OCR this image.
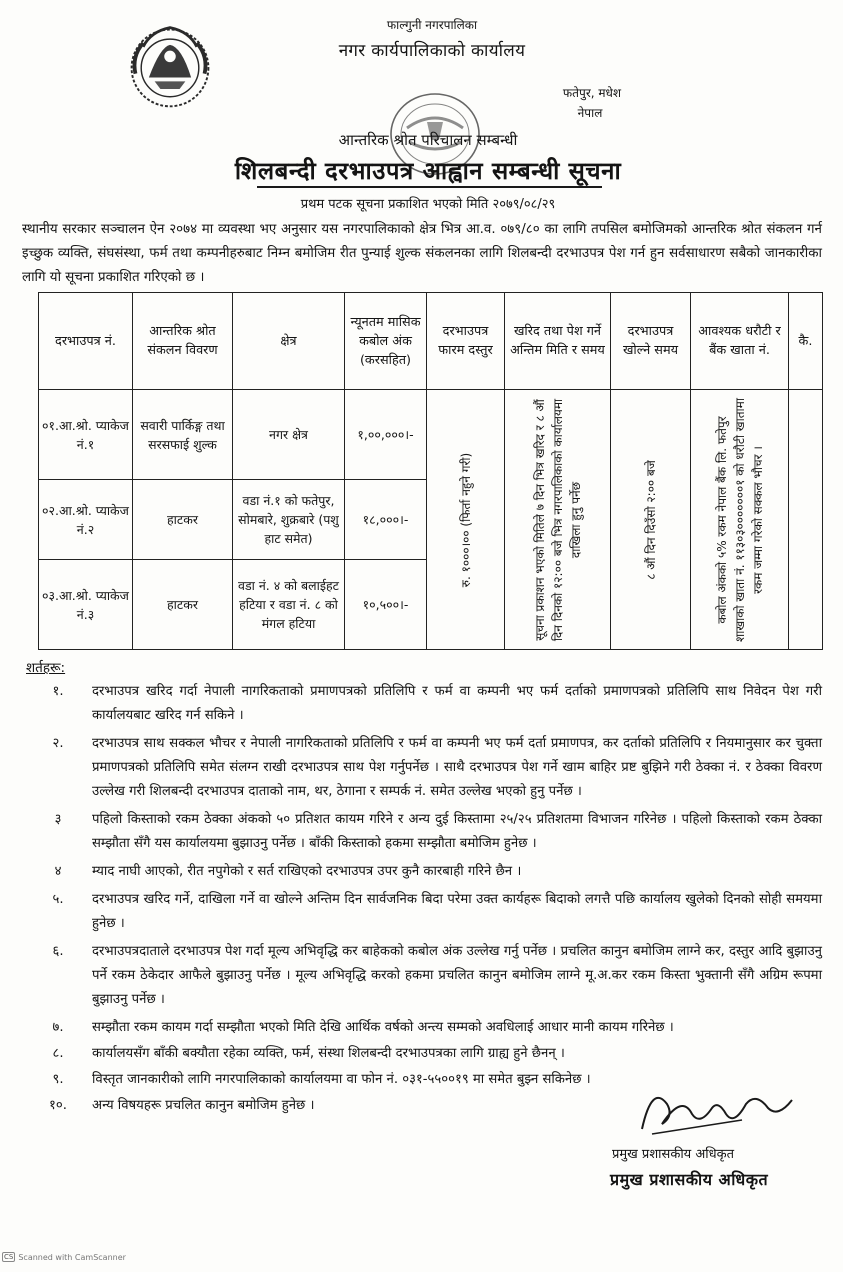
फाल्गुनी नगरपालिका
नगर कार्यपालिकाको कार्यालय
फतेपुर, मधेश
नेपाल
आन्तरिक श्रोत परिचालन सम्बन्धी
शिलबन्दी दरभाउपत्र आह्वान सम्बन्धी सूचना
प्रथम पटक सूचना प्रकाशित भएको मिति २०७९/०८/२९
स्थानीय सरकार सञ्चालन ऐन २०७४ मा व्यवस्था भए अनुसार यस नगरपालिकाको क्षेत्र भित्र आ.व. ०७९/८० का लागि तपसिल बमोजिमको आन्तरिक श्रोत संकलन गर्न इच्छुक व्यक्ति, संघसंस्था, फर्म तथा कम्पनीहरुबाट निम्न बमोजिम रीत पुन्याई शुल्क संकलनका लागि शिलबन्दी दरभाउपत्र पेश गर्न हुन सर्वसाधारण सबैको जानकारीका लागि यो सूचना प्रकाशित गरिएको छ ।
दरभाउपत्र नं.	आन्तरिक श्रोत संकलन विवरण	क्षेत्र	न्यूनतम मासिक कबोल अंक (करसहित)	दरभाउपत्र फारम दस्तुर	खरिद तथा पेश गर्ने अन्तिम मिति र समय	दरभाउपत्र खोल्ने समय	आवश्यक धरौटी र बैंक खाता नं.	कै.
०१.आ.श्रो. प्याकेज नं.१	सवारी पार्किङ्ग तथा सरसफाई शुल्क	नगर क्षेत्र	१,००,०००।-	रु. १०००।०० (फिर्ता नहुने गरी)	सूचना प्रकाशन भएको मितिले ७ दिन भित्र खरिद र ८ औं दिन दिनको १२:०० बजे भित्र नगरपालिकाको कार्यालयमा दाखिला हुनु पर्नेछ	८ औं दिन दिउँसो २:०० बजे	कबोल अंकको ५% रकम नेपाल बैंक लि. फतेपुर शाखाको खाता नं. ११३०३०००००००१ को धरौटी खातामा रकम जम्मा गरेको सक्कल भौचर ।	

०२.आ.श्रो. प्याकेज नं.२	हाटकर	वडा नं.१ को फतेपुर, सोमबारे, शुक्रबारे (पशु हाट समेत)	१८,०००।-					
०३.आ.श्रो. प्याकेज नं.३	हाटकर	वडा नं. ४ को बलाईहट हटिया र वडा नं. ८ को मंगल हटिया	१०,५००।-					
शर्तहरू:
१.	दरभाउपत्र खरिद गर्दा नेपाली नागरिकताको प्रमाणपत्रको प्रतिलिपि र फर्म वा कम्पनी भए फर्म दर्ताको प्रमाणपत्रको प्रतिलिपि साथ निवेदन पेश गरी कार्यालयबाट खरिद गर्न सकिने ।
२.	दरभाउपत्र साथ सक्कल भौचर र नेपाली नागरिकताको प्रतिलिपि र फर्म वा कम्पनी भए फर्म दर्ता प्रमाणपत्र, कर दर्ताको प्रतिलिपि र नियमानुसार कर चुक्ता प्रमाणपत्रको प्रतिलिपि समेत संलग्न राखी दरभाउपत्र साथ पेश गर्नुपर्नेछ । साथै दरभाउपत्र पेश गर्ने खाम बाहिर प्रष्ट बुझिने गरी ठेक्का नं. र ठेक्का विवरण उल्लेख गरी शिलबन्दी दरभाउपत्र दाताको नाम, थर, ठेगाना र सम्पर्क नं. समेत उल्लेख भएको हुनु पर्नेछ ।
३	पहिलो किस्ताको रकम ठेक्का अंकको ५० प्रतिशत कायम गरिने र अन्य दुई किस्तामा २५/२५ प्रतिशतमा विभाजन गरिनेछ । पहिलो किस्ताको रकम ठेक्का सम्झौता सँगै यस कार्यालयमा बुझाउनु पर्नेछ । बाँकी किस्ताको हकमा सम्झौता बमोजिम हुनेछ ।
४	म्याद नाघी आएको, रीत नपुगेको र सर्त राखिएको दरभाउपत्र उपर कुनै कारबाही गरिने छैन ।
५.	दरभाउपत्र खरिद गर्ने, दाखिला गर्ने वा खोल्ने अन्तिम दिन सार्वजनिक बिदा परेमा उक्त कार्यहरू बिदाको लगत्तै पछि कार्यालय खुलेको दिनको सोही समयमा हुनेछ ।
६.	दरभाउपत्रदाताले दरभाउपत्र पेश गर्दा मूल्य अभिवृद्धि कर बाहेकको कबोल अंक उल्लेख गर्नु पर्नेछ । प्रचलित कानुन बमोजिम लाग्ने कर, दस्तुर आदि बुझाउनु पर्ने रकम ठेकेदार आफैले बुझाउनु पर्नेछ । मूल्य अभिवृद्धि करको हकमा प्रचलित कानुन बमोजिम लाग्ने मू.अ.कर रकम किस्ता भुक्तानी सँगै अग्रिम रूपमा बुझाउनु पर्नेछ ।
७.	सम्झौता रकम कायम गर्दा सम्झौता भएको मिति देखि आर्थिक वर्षको अन्त्य सम्मको अवधिलाई आधार मानी कायम गरिनेछ ।
८.	कार्यालयसँग बाँकी बक्यौता रहेका व्यक्ति, फर्म, संस्था शिलबन्दी दरभाउपत्रका लागि ग्राह्य हुने छैनन् ।
९.	विस्तृत जानकारीको लागि नगरपालिकाको कार्यालयमा वा फोन नं. ०३१-५५००१९ मा समेत बुझ्न सकिनेछ ।
१०.	अन्य विषयहरू प्रचलित कानुन बमोजिम हुनेछ ।
प्रमुख प्रशासकीय अधिकृत
प्रमुख प्रशासकीय अधिकृत
CS Scanned with CamScanner
